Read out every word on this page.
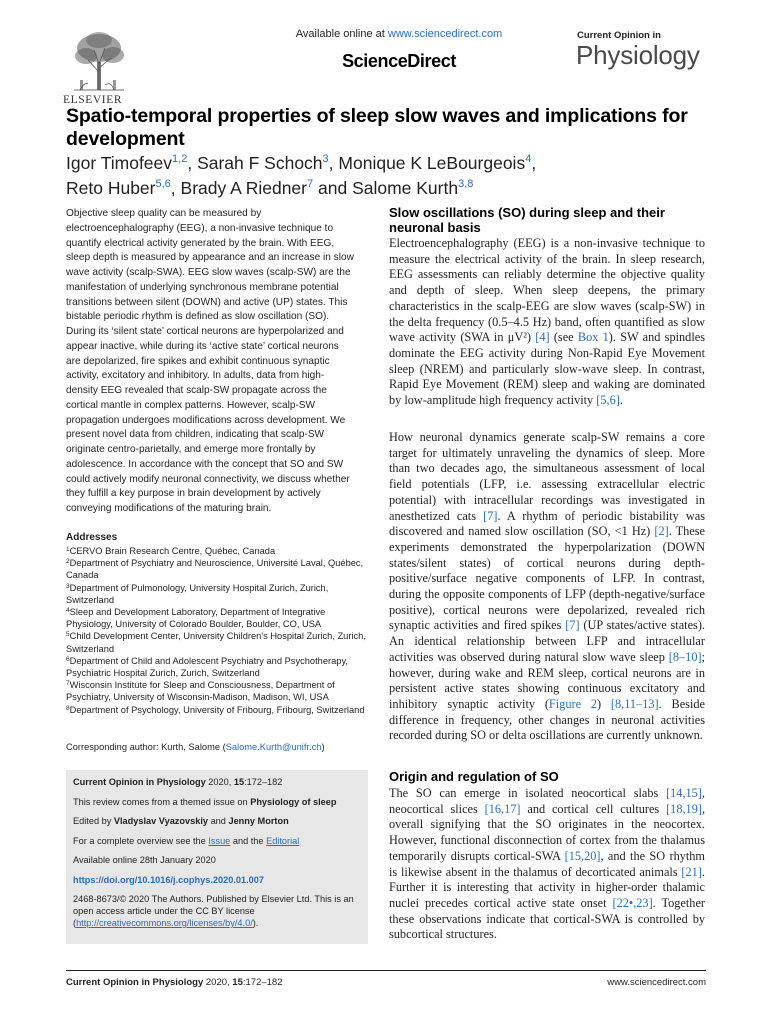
ELSEVIER
Available online at www.sciencedirect.com
ScienceDirect
Current Opinion in
Physiology
Spatio-temporal properties of sleep slow waves and implications for development
Igor Timofeev$^{1,2}$, Sarah F Schoch$^3$, Monique K LeBourgeois$^4$,
Reto Huber$^{5,6}$, Brady A Riedner$^7$ and Salome Kurth$^{3,8}$
Objective sleep quality can be measured by electroencephalography (EEG), a non-invasive technique to quantify electrical activity generated by the brain. With EEG, sleep depth is measured by appearance and an increase in slow wave activity (scalp-SWA). EEG slow waves (scalp-SW) are the manifestation of underlying synchronous membrane potential transitions between silent (DOWN) and active (UP) states. This bistable periodic rhythm is defined as slow oscillation (SO). During its ‘silent state’ cortical neurons are hyperpolarized and appear inactive, while during its ‘active state’ cortical neurons are depolarized, fire spikes and exhibit continuous synaptic activity, excitatory and inhibitory. In adults, data from high-density EEG revealed that scalp-SW propagate across the cortical mantle in complex patterns. However, scalp-SW propagation undergoes modifications across development. We present novel data from children, indicating that scalp-SW originate centro-parietally, and emerge more frontally by adolescence. In accordance with the concept that SO and SW could actively modify neuronal connectivity, we discuss whether they fulfill a key purpose in brain development by actively conveying modifications of the maturing brain.
Addresses
$^1$CERVO Brain Research Centre, Québec, Canada
$^2$Department of Psychiatry and Neuroscience, Université Laval, Québec, Canada
$^3$Department of Pulmonology, University Hospital Zurich, Zurich, Switzerland
$^4$Sleep and Development Laboratory, Department of Integrative Physiology, University of Colorado Boulder, Boulder, CO, USA
$^5$Child Development Center, University Children's Hospital Zurich, Zurich, Switzerland
$^6$Department of Child and Adolescent Psychiatry and Psychotherapy, Psychiatric Hospital Zurich, Zurich, Switzerland
$^7$Wisconsin Institute for Sleep and Consciousness, Department of Psychiatry, University of Wisconsin-Madison, Madison, WI, USA
$^8$Department of Psychology, University of Fribourg, Fribourg, Switzerland
Corresponding author: Kurth, Salome (Salome.Kurth@unifr.ch)

Current Opinion in Physiology 2020, 15:172–182

This review comes from a themed issue on Physiology of sleep

Edited by Vladyslav Vyazovskiy and Jenny Morton

For a complete overview see the Issue and the Editorial

Available online 28th January 2020

https://doi.org/10.1016/j.cophys.2020.01.007

2468-8673/© 2020 The Authors. Published by Elsevier Ltd. This is an open access article under the CC BY license (http://creativecommons.org/licenses/by/4.0/).

Slow oscillations (SO) during sleep and their neuronal basis
Electroencephalography (EEG) is a non-invasive technique to measure the electrical activity of the brain. In sleep research, EEG assessments can reliably determine the objective quality and depth of sleep. When sleep deepens, the primary characteristics in the scalp-EEG are slow waves (scalp-SW) in the delta frequency (0.5–4.5 Hz) band, often quantified as slow wave activity (SWA in μV²) [4] (see Box 1). SW and spindles dominate the EEG activity during Non-Rapid Eye Movement sleep (NREM) and particularly slow-wave sleep. In contrast, Rapid Eye Movement (REM) sleep and waking are dominated by low-amplitude high frequency activity [5,6].
How neuronal dynamics generate scalp-SW remains a core target for ultimately unraveling the dynamics of sleep. More than two decades ago, the simultaneous assessment of local field potentials (LFP, i.e. assessing extracellular electric potential) with intracellular recordings was investigated in anesthetized cats [7]. A rhythm of periodic bistability was discovered and named slow oscillation (SO, <1 Hz) [2]. These experiments demonstrated the hyperpolarization (DOWN states/silent states) of cortical neurons during depth-positive/surface negative components of LFP. In contrast, during the opposite components of LFP (depth-negative/surface positive), cortical neurons were depolarized, revealed rich synaptic activities and fired spikes [7] (UP states/active states). An identical relationship between LFP and intracellular activities was observed during natural slow wave sleep [8–10]; however, during wake and REM sleep, cortical neurons are in persistent active states showing continuous excitatory and inhibitory synaptic activity (Figure 2) [8,11–13]. Beside difference in frequency, other changes in neuronal activities recorded during SO or delta oscillations are currently unknown.
Origin and regulation of SO
The SO can emerge in isolated neocortical slabs [14,15], neocortical slices [16,17] and cortical cell cultures [18,19], overall signifying that the SO originates in the neocortex. However, functional disconnection of cortex from the thalamus temporarily disrupts cortical-SWA [15,20], and the SO rhythm is likewise absent in the thalamus of decorticated animals [21]. Further it is interesting that activity in higher-order thalamic nuclei precedes cortical active state onset [22•,23]. Together these observations indicate that cortical-SWA is controlled by subcortical structures.
Current Opinion in Physiology 2020, 15:172–182	www.sciencedirect.com
